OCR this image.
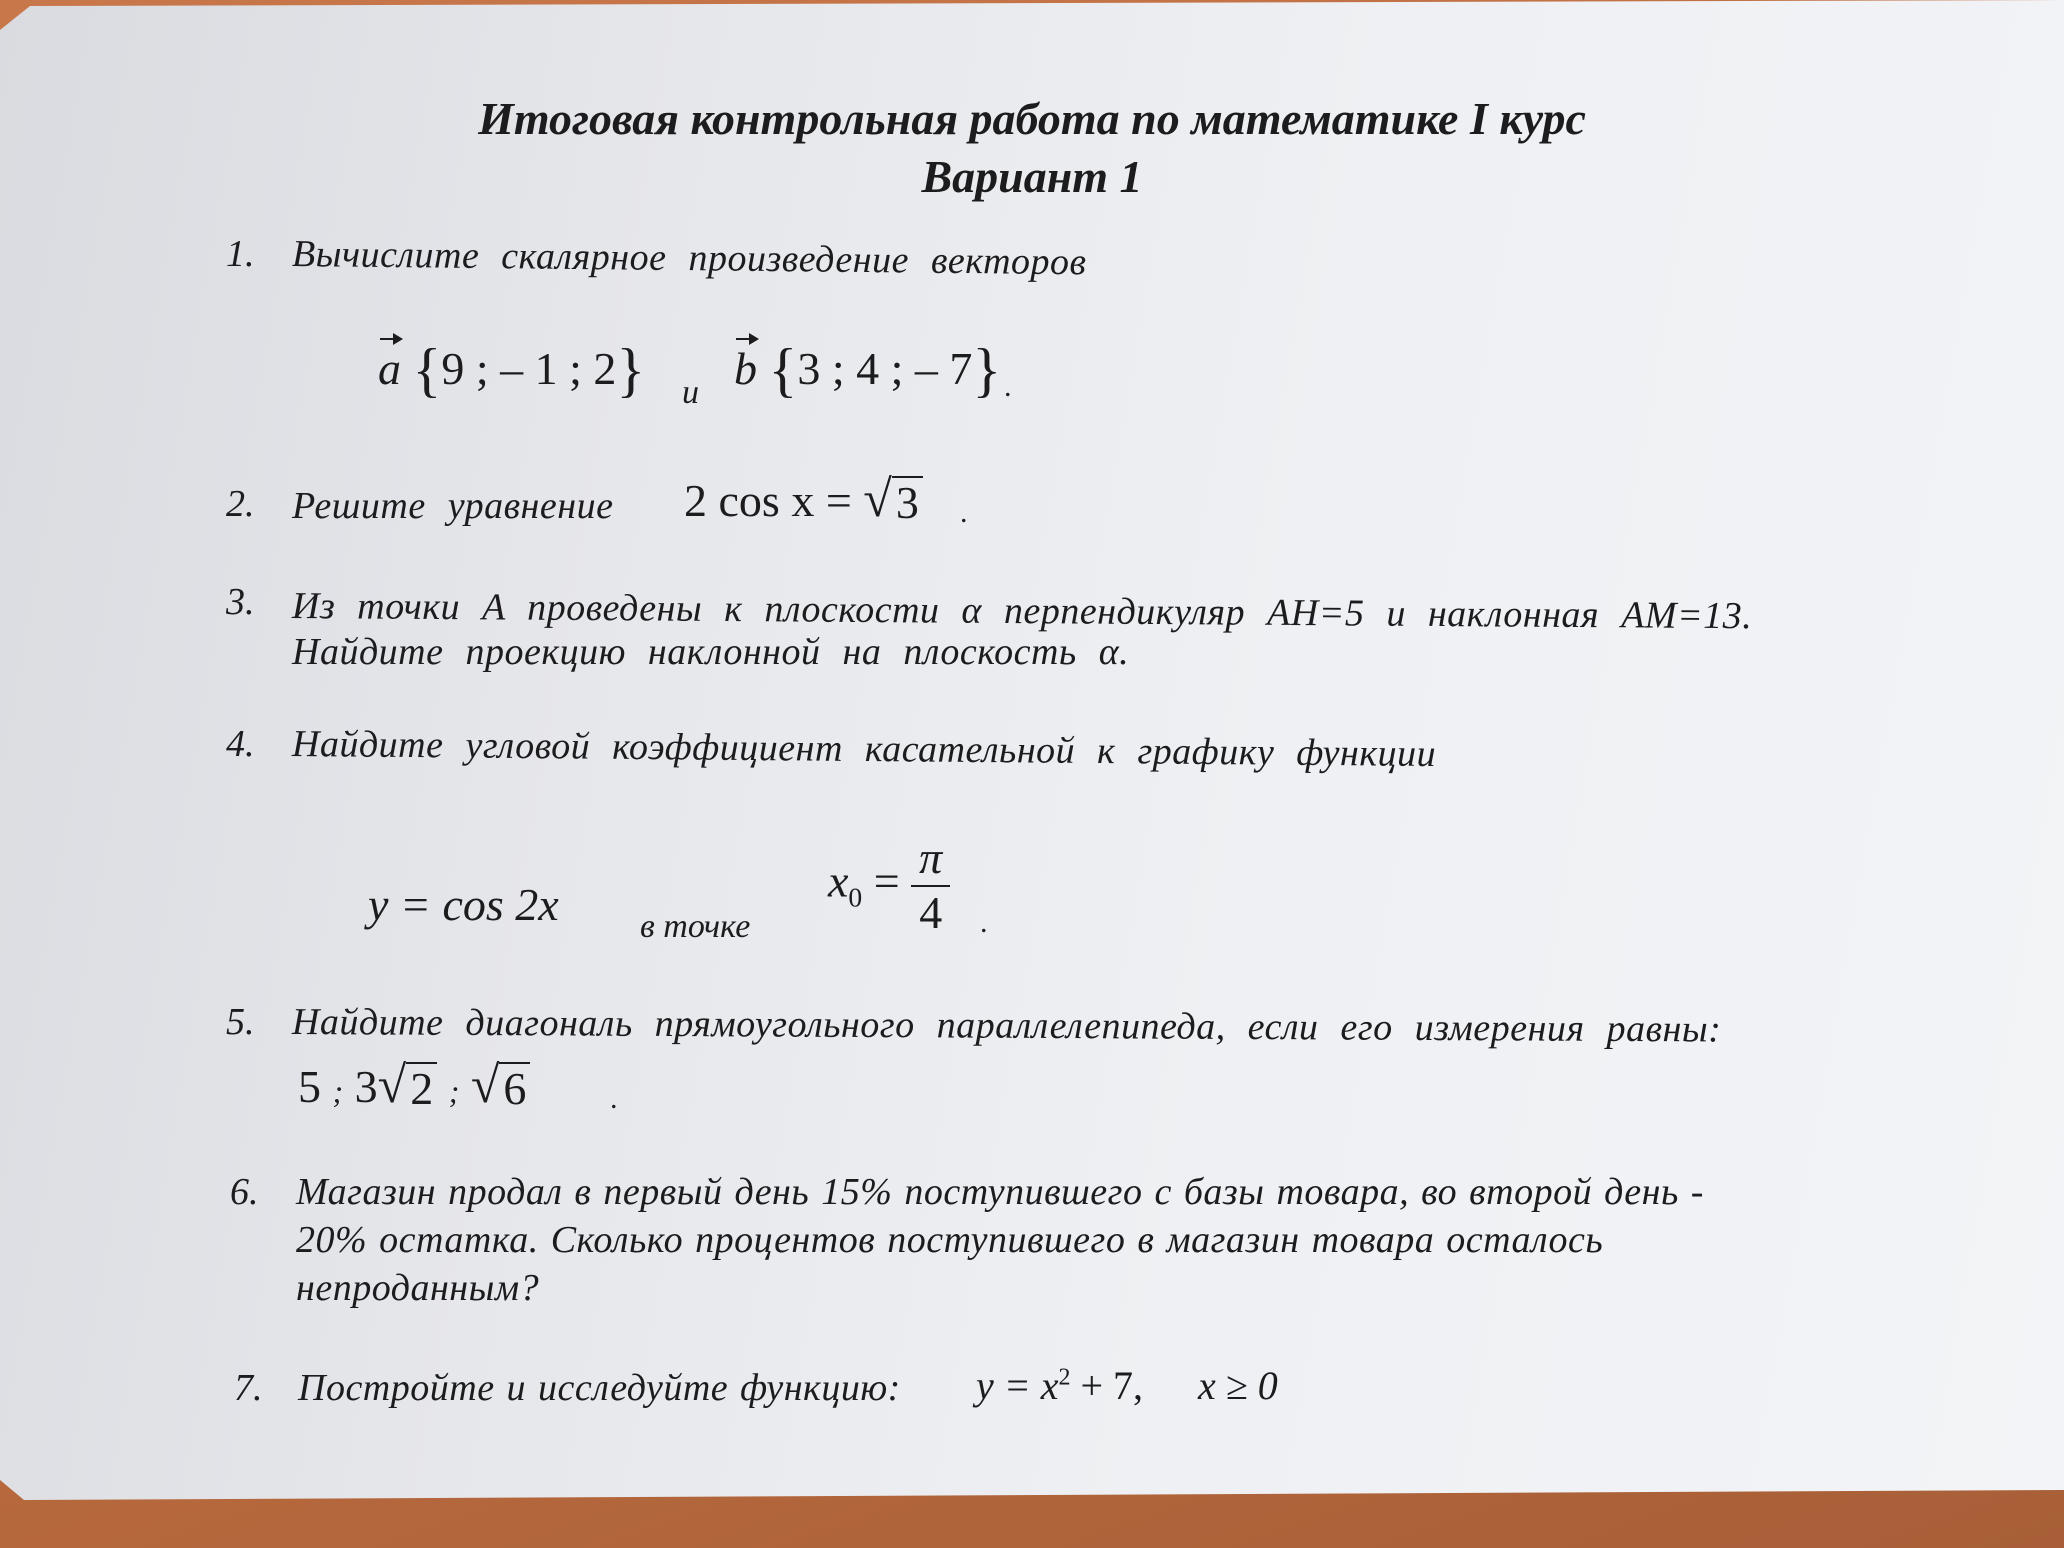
Итоговая контрольная работа по математике I курс
Вариант 1
1. Вычислите скалярное произведение векторов
a {9 ; – 1 ; 2} и b {3 ; 4 ; – 7} .
2. Решите уравнение 2 cos x = √ 3 .
3. Из точки A проведены к плоскости α перпендикуляр AH=5 и наклонная AM=13.
Найдите проекцию наклонной на плоскость α.
4. Найдите угловой коэффициент касательной к графику функции
y = cos 2x в точке
$x_0 = \frac{\pi}{4}$ .
5. Найдите диагональ прямоугольного параллелепипеда, если его измерения равны:
5 ; 3 √ 2 ; √ 6	.
6. Магазин продал в первый день 15% поступившего с базы товара, во второй день -
20% остатка. Сколько процентов поступившего в магазин товара осталось
непроданным?
7. Постройте и исследуйте функцию: $y = x^2 + 7$, x ≥ 0
